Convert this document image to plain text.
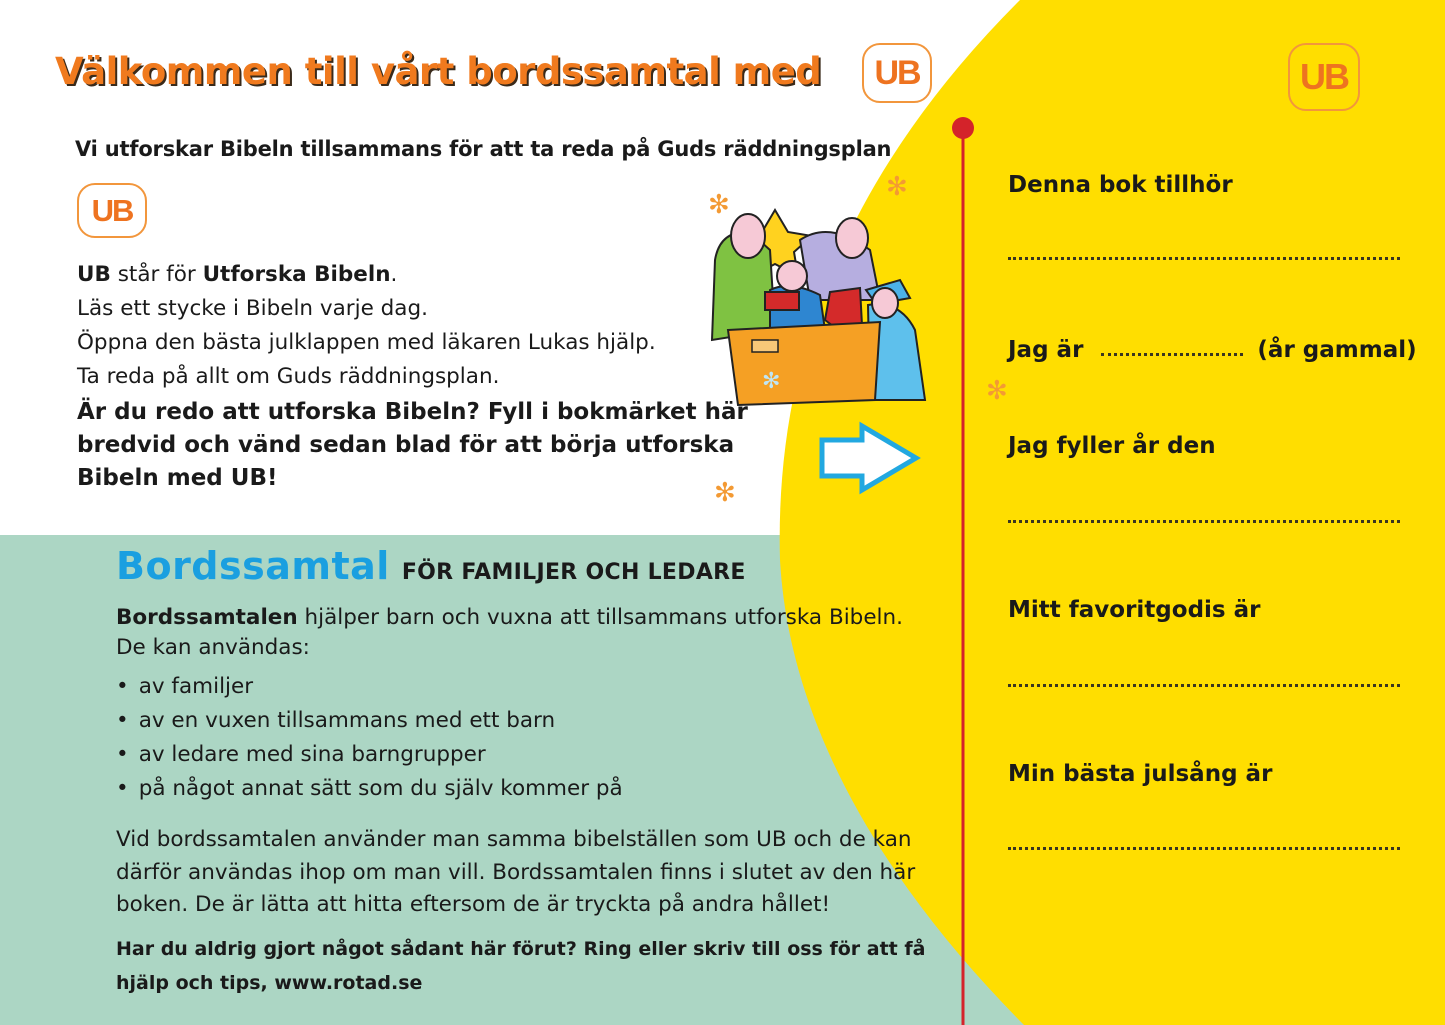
✻
Välkommen till vårt bordssamtal med	UB
Vi utforskar Bibeln tillsammans för att ta reda på Guds räddningsplan
UB

UB står för Utforska Bibeln.

Läs ett stycke i Bibeln varje dag.

Öppna den bästa julklappen med läkaren Lukas hjälp.

Ta reda på allt om Guds räddningsplan.

Är du redo att utforska Bibeln? Fyll i bokmärket här bredvid och vänd sedan blad för att börja utforska Bibeln med UB!

✻
✻
✻
✻
Bordssamtal FÖR FAMILJER OCH LEDARE

Bordssamtalen hjälper barn och vuxna att tillsammans utforska Bibeln.

De kan användas:

• av familjer
• av en vuxen tillsammans med ett barn
• av ledare med sina barngrupper
• på något annat sätt som du själv kommer på
Vid bordssamtalen använder man samma bibelställen som UB och de kan därför användas ihop om man vill. Bordssamtalen finns i slutet av den här boken. De är lätta att hitta eftersom de är tryckta på andra hållet!
Har du aldrig gjort något sådant här förut? Ring eller skriv till oss för att få hjälp och tips, www.rotad.se
UB
Denna bok tillhör
Jag är	(år gammal)
Jag fyller år den
Mitt favoritgodis är
Min bästa julsång är
